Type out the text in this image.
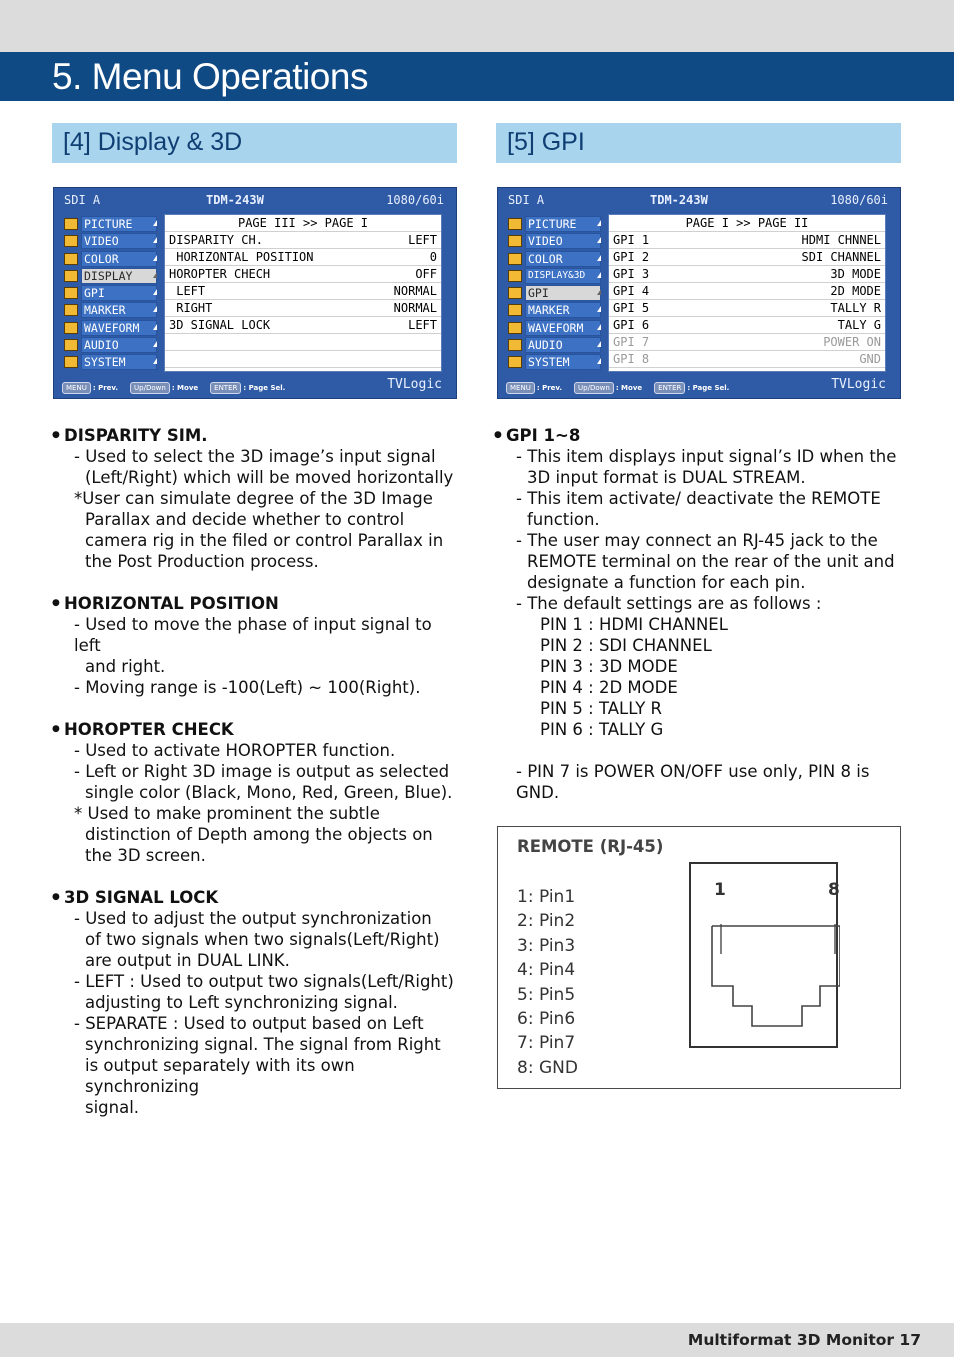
5. Menu Operations
[4] Display & 3D
SDI A	TDM-243W	1080/60i
PICTURE
VIDEO
COLOR
DISPLAY
GPI
MARKER
WAVEFORM
AUDIO
SYSTEM
PAGE III >> PAGE I
DISPARITY CH.	LEFT
HORIZONTAL POSITION	0
HOROPTER CHECH	OFF
LEFT	NORMAL
RIGHT	NORMAL
3D SIGNAL LOCK	LEFT
MENU : Prev. Up/Down : Move ENTER : Page Sel.	TVLogic
● DISPARITY SIM.
- Used to select the 3D image’s input signal
(Left/Right) which will be moved horizontally
*User can simulate degree of the 3D Image
Parallax and decide whether to control
camera rig in the filed or control Parallax in
the Post Production process.
● HORIZONTAL POSITION
- Used to move the phase of input signal to left
and right.
- Moving range is -100(Left) ~ 100(Right).
● HOROPTER CHECK
- Used to activate HOROPTER function.
- Left or Right 3D image is output as selected
single color (Black, Mono, Red, Green, Blue).
* Used to make prominent the subtle
distinction of Depth among the objects on
the 3D screen.
● 3D SIGNAL LOCK
- Used to adjust the output synchronization
of two signals when two signals(Left/Right)
are output in DUAL LINK.
- LEFT : Used to output two signals(Left/Right)
adjusting to Left synchronizing signal.
- SEPARATE : Used to output based on Left
synchronizing signal. The signal from Right
is output separately with its own synchronizing
signal.
[5] GPI
SDI A	TDM-243W	1080/60i
PICTURE
VIDEO
COLOR
DISPLAY&3D
GPI
MARKER
WAVEFORM
AUDIO
SYSTEM
PAGE I >> PAGE II
GPI 1	HDMI CHNNEL
GPI 2	SDI CHANNEL
GPI 3	3D MODE
GPI 4	2D MODE
GPI 5	TALLY R
GPI 6	TALY G
GPI 7	POWER ON
GPI 8	GND
MENU : Prev. Up/Down : Move ENTER : Page Sel.	TVLogic
● GPI 1~8
- This item displays input signal’s ID when the
3D input format is DUAL STREAM.
- This item activate/ deactivate the REMOTE
function.
- The user may connect an RJ-45 jack to the
REMOTE terminal on the rear of the unit and
designate a function for each pin.
- The default settings are as follows :
PIN 1 : HDMI CHANNEL
PIN 2 : SDI CHANNEL
PIN 3 : 3D MODE
PIN 4 : 2D MODE
PIN 5 : TALLY R
PIN 6 : TALLY G
- PIN 7 is POWER ON/OFF use only, PIN 8 is GND.
REMOTE (RJ-45)
1: Pin1
2: Pin2
3: Pin3
4: Pin4
5: Pin5
6: Pin6
7: Pin7
8: GND
1	8
Multiformat 3D Monitor 17
